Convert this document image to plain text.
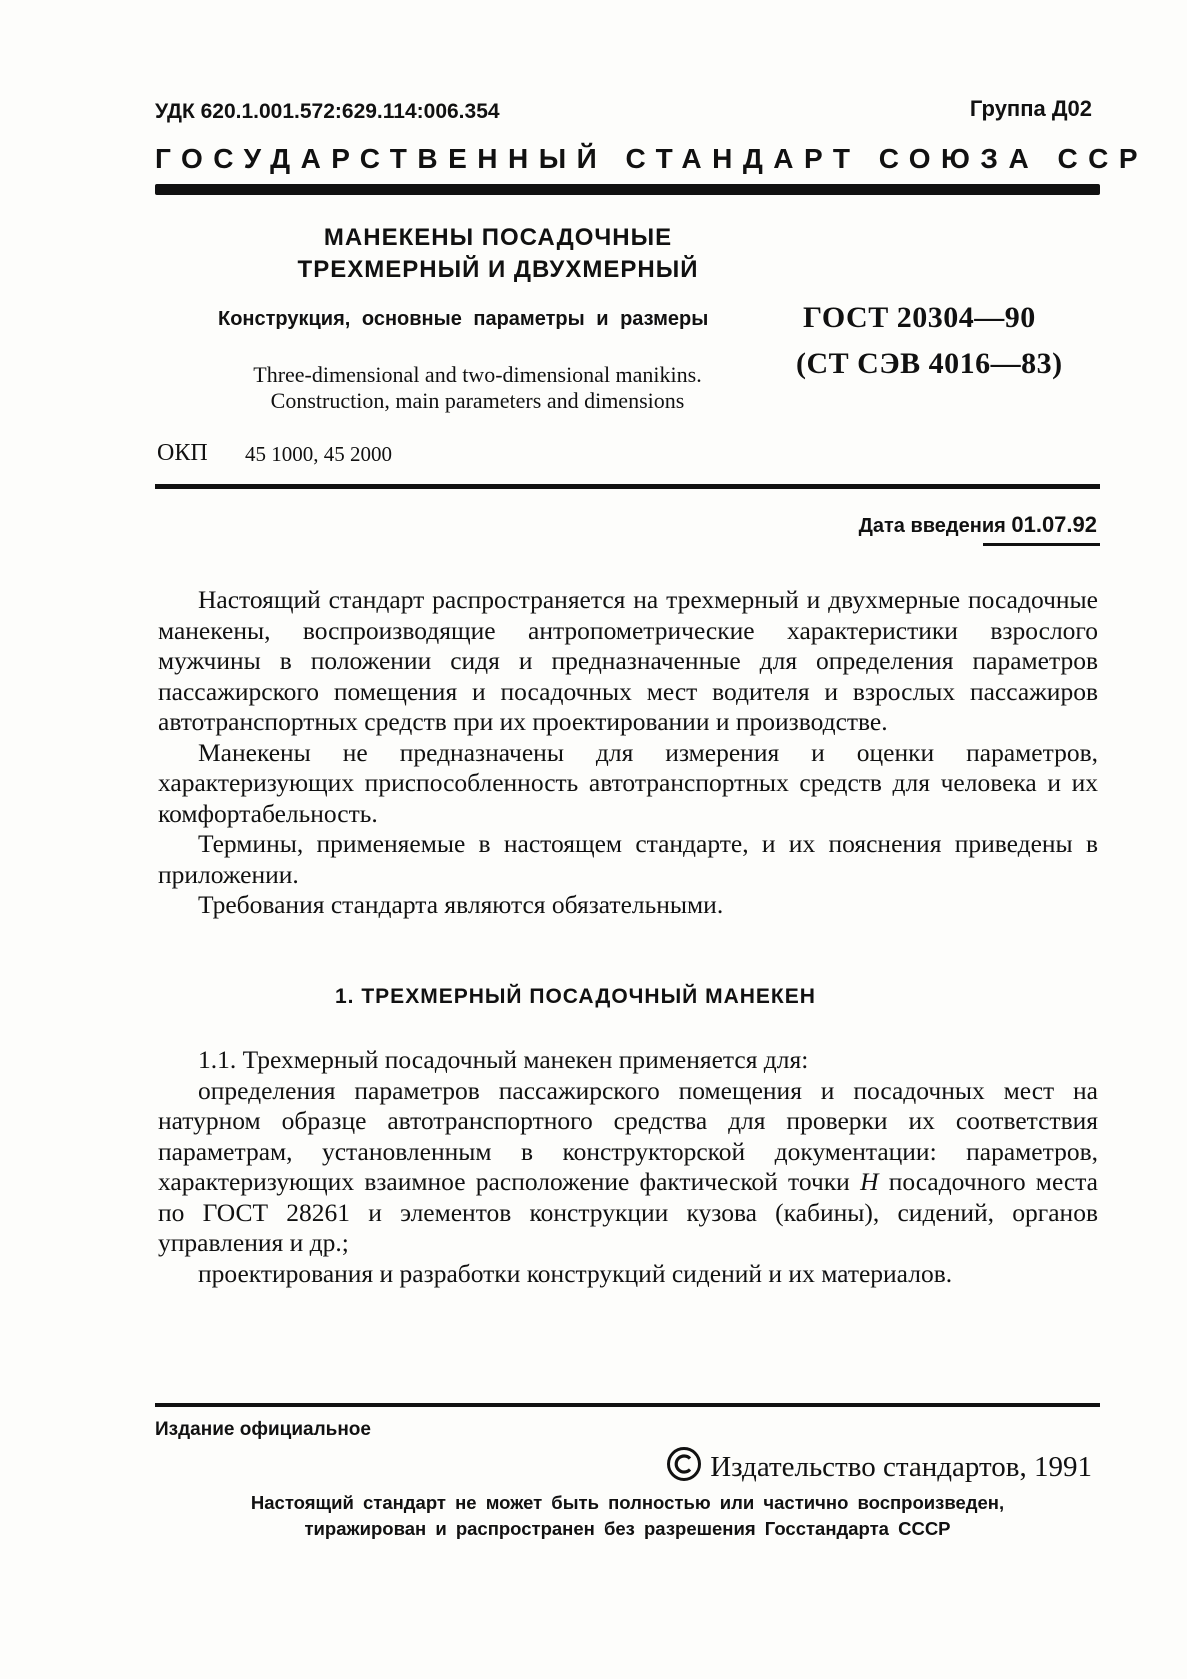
УДК 620.1.001.572:629.114:006.354	Группа Д02
ГОСУДАРСТВЕННЫЙ СТАНДАРТ СОЮЗА ССР
МАНЕКЕНЫ ПОСАДОЧНЫЕ
ТРЕХМЕРНЫЙ И ДВУХМЕРНЫЙ
Конструкция, основные параметры и размеры
Three-dimensional and two-dimensional manikins.
Construction, main parameters and dimensions
ГОСТ 20304—90
(СТ СЭВ 4016—83)
ОКП 45 1000, 45 2000
Дата введения 01.07.92

Настоящий стандарт распространяется на трехмерный и двухмерные посадочные манекены, воспроизводящие антропометрические характеристики взрослого мужчины в положении сидя и предназначенные для определения параметров пассажирского помещения и посадочных мест водителя и взрослых пассажиров автотранспортных средств при их проектировании и производстве.

Манекены не предназначены для измерения и оценки параметров, характеризующих приспособленность автотранспортных средств для человека и их комфортабельность.

Термины, применяемые в настоящем стандарте, и их пояснения приведены в приложении.

Требования стандарта являются обязательными.

1. ТРЕХМЕРНЫЙ ПОСАДОЧНЫЙ МАНЕКЕН

1.1. Трехмерный посадочный манекен применяется для:

определения параметров пассажирского помещения и посадочных мест на натурном образце автотранспортного средства для проверки их соответствия параметрам, установленным в конструкторской документации: параметров, характеризующих взаимное расположение фактической точки H посадочного места по ГОСТ 28261 и элементов конструкции кузова (кабины), сидений, органов управления и др.;

проектирования и разработки конструкций сидений и их материалов.

Издание официальное
Издательство стандартов, 1991
Настоящий стандарт не может быть полностью или частично воспроизведен,
тиражирован и распространен без разрешения Госстандарта СССР
